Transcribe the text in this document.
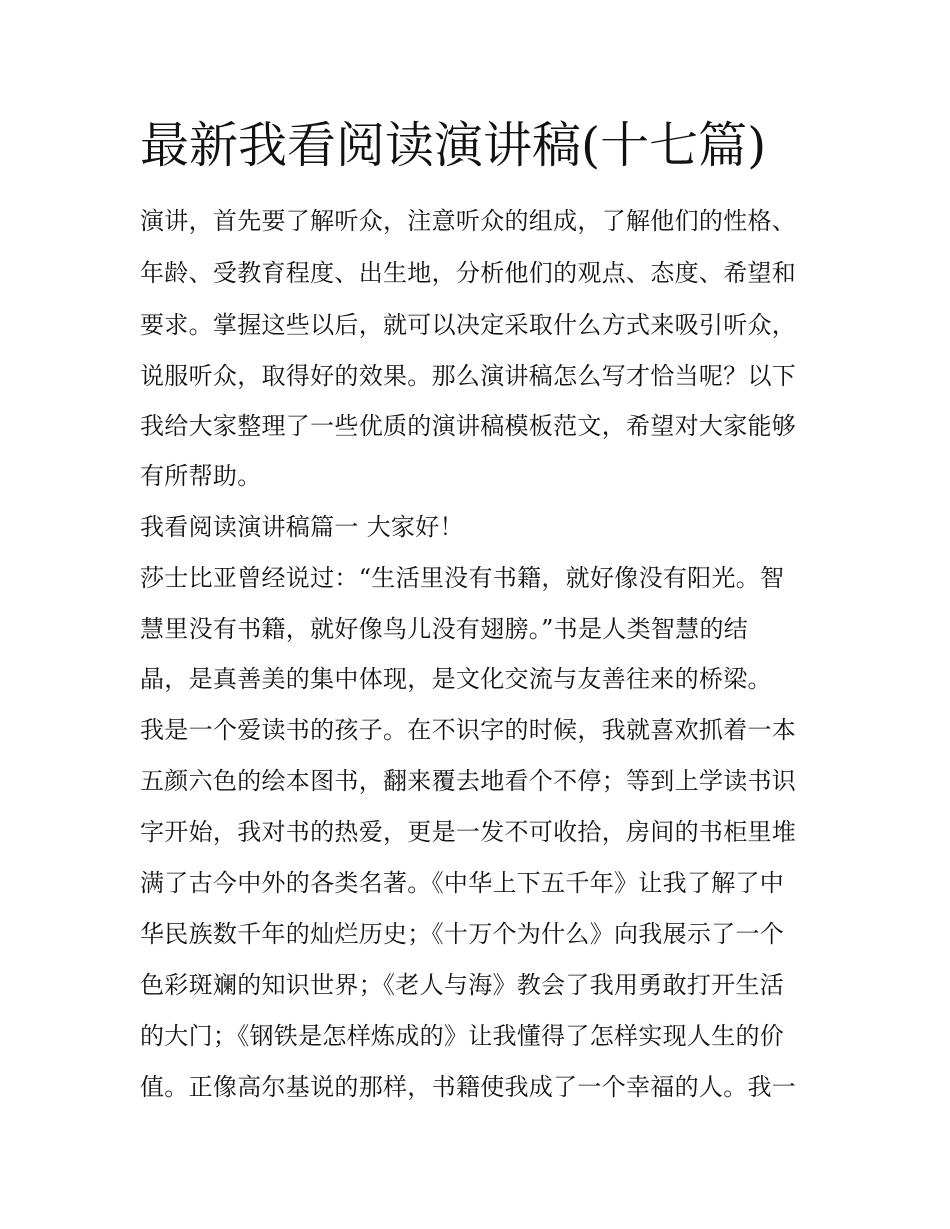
最新我看阅读演讲稿(十七篇)

演讲，首先要了解听众，注意听众的组成，了解他们的性格、

年龄、受教育程度、出生地，分析他们的观点、态度、希望和

要求。掌握这些以后，就可以决定采取什么方式来吸引听众，

说服听众，取得好的效果。那么演讲稿怎么写才恰当呢？以下

我给大家整理了一些优质的演讲稿模板范文，希望对大家能够

有所帮助。

我看阅读演讲稿篇一 大家好！

莎士比亚曾经说过：“生活里没有书籍，就好像没有阳光。智

慧里没有书籍，就好像鸟儿没有翅膀。”书是人类智慧的结

晶，是真善美的集中体现，是文化交流与友善往来的桥梁。

我是一个爱读书的孩子。在不识字的时候，我就喜欢抓着一本

五颜六色的绘本图书，翻来覆去地看个不停；等到上学读书识

字开始，我对书的热爱，更是一发不可收拾，房间的书柜里堆

满了古今中外的各类名著。《中华上下五千年》让我了解了中

华民族数千年的灿烂历史；《十万个为什么》向我展示了一个

色彩斑斓的知识世界；《老人与海》教会了我用勇敢打开生活

的大门；《钢铁是怎样炼成的》让我懂得了怎样实现人生的价

值。正像高尔基说的那样，书籍使我成了一个幸福的人。我一
